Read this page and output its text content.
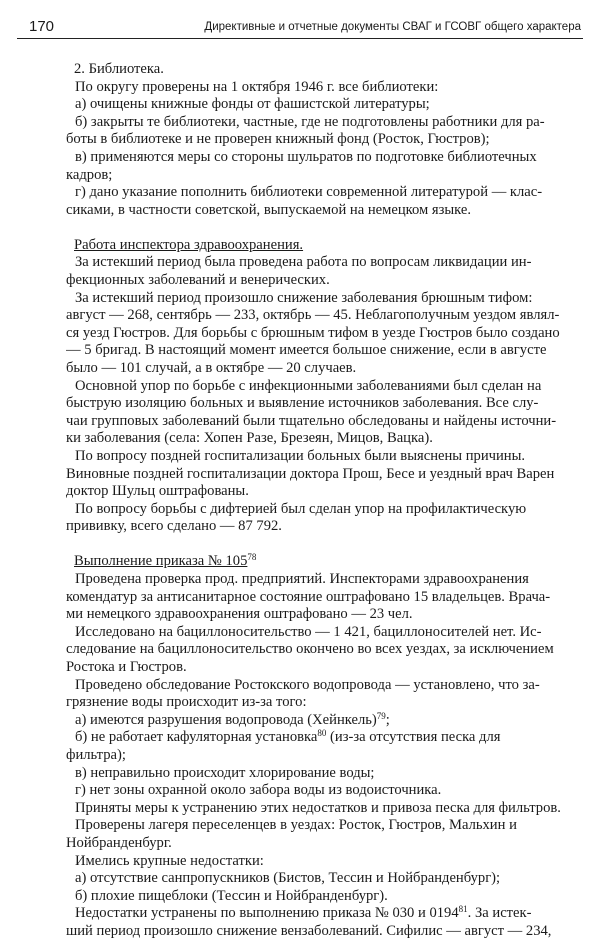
170	Директивные и отчетные документы СВАГ и ГСОВГ общего характера

2. Библиотека.

По округу проверены на 1 октября 1946 г. все библиотеки:

а) очищены книжные фонды от фашистской литературы;

б) закрыты те библиотеки, частные, где не подготовлены работники для ра-

боты в библиотеке и не проверен книжный фонд (Росток, Гюстров);

в) применяются меры со стороны шульратов по подготовке библиотечных

кадров;

г) дано указание пополнить библиотеки современной литературой — клас-

сиками, в частности советской, выпускаемой на немецком языке.

Работа инспектора здравоохранения.

За истекший период была проведена работа по вопросам ликвидации ин-

фекционных заболеваний и венерических.

За истекший период произошло снижение заболевания брюшным тифом:

август — 268, сентябрь — 233, октябрь — 45. Неблагополучным уездом являл-

ся уезд Гюстров. Для борьбы с брюшным тифом в уезде Гюстров было создано

— 5 бригад. В настоящий момент имеется большое снижение, если в августе

было — 101 случай, а в октябре — 20 случаев.

Основной упор по борьбе с инфекционными заболеваниями был сделан на

быструю изоляцию больных и выявление источников заболевания. Все слу-

чаи групповых заболеваний были тщательно обследованы и найдены источни-

ки заболевания (села: Хопен Разе, Брезеян, Мицов, Вацка).

По вопросу поздней госпитализации больных были выяснены причины.

Виновные поздней госпитализации доктора Прош, Бесе и уездный врач Варен

доктор Шульц оштрафованы.

По вопросу борьбы с дифтерией был сделан упор на профилактическую

прививку, всего сделано — 87 792.

Выполнение приказа № $105^{78}$

Проведена проверка прод. предприятий. Инспекторами здравоохранения

комендатур за антисанитарное состояние оштрафовано 15 владельцев. Врача-

ми немецкого здравоохранения оштрафовано — 23 чел.

Исследовано на бациллоносительство — 1 421, бациллоносителей нет. Ис-

следование на бациллоносительство окончено во всех уездах, за исключением

Ростока и Гюстров.

Проведено обследование Ростокского водопровода — установлено, что за-

грязнение воды происходит из-за того:

а) имеются разрушения водопровода (Хейнкель)$^{79}$;

б) не работает кафуляторная установка$^{80}$ (из-за отсутствия песка для

фильтра);

в) неправильно происходит хлорирование воды;

г) нет зоны охранной около забора воды из водоисточника.

Приняты меры к устранению этих недостатков и привоза песка для фильтров.

Проверены лагеря переселенцев в уездах: Росток, Гюстров, Мальхин и

Нойбранденбург.

Имелись крупные недостатки:

а) отсутствие санпропускников (Бистов, Тессин и Нойбранденбург);

б) плохие пищеблоки (Тессин и Нойбранденбург).

Недостатки устранены по выполнению приказа № 030 и 0194$^{81}$. За истек-

ший период произошло снижение вензаболеваний. Сифилис — август — 234,
